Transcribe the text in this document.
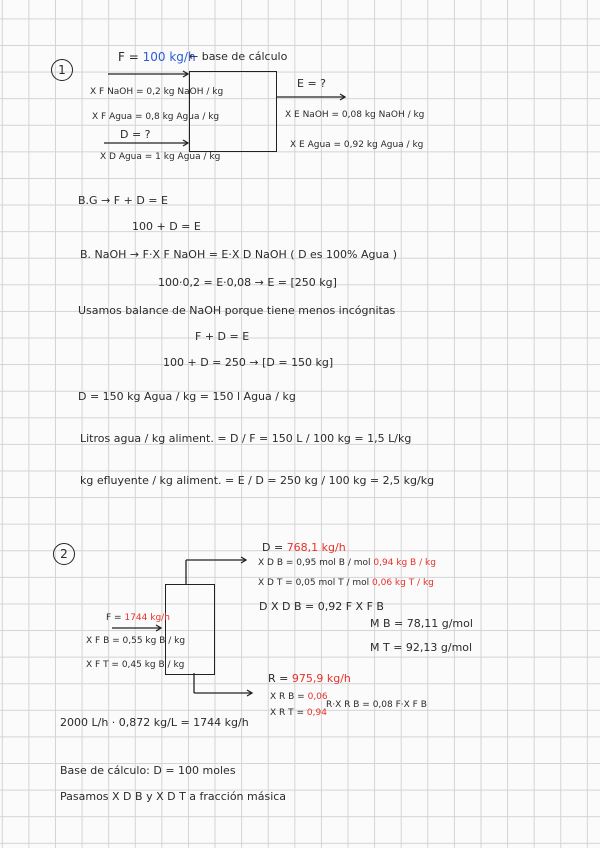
1
F = 100 kg/h
← base de cálculo
X F NaOH = 0,2 kg NaOH / kg
X F Agua = 0,8 kg Agua / kg
D = ?
X D Agua = 1 kg Agua / kg
E = ?
X E NaOH = 0,08 kg NaOH / kg
X E Agua = 0,92 kg Agua / kg
B.G → F + D = E
100 + D = E
B. NaOH → F·X F NaOH = E·X D NaOH ( D es 100% Agua )
100·0,2 = E·0,08 → E = [250 kg]
Usamos balance de NaOH porque tiene menos incógnitas
F + D = E
100 + D = 250 → [D = 150 kg]
D = 150 kg Agua / kg = 150 l Agua / kg
Litros agua / kg aliment. = D / F = 150 L / 100 kg = 1,5 L/kg
kg efluyente / kg aliment. = E / D = 250 kg / 100 kg = 2,5 kg/kg
2	D = 768,1 kg/h
X D B = 0,95 mol B / mol 0,94 kg B / kg
X D T = 0,05 mol T / mol 0,06 kg T / kg
D X D B = 0,92 F X F B
F = 1744 kg/h
X F B = 0,55 kg B / kg
X F T = 0,45 kg B / kg
M B = 78,11 g/mol
M T = 92,13 g/mol
R = 975,9 kg/h
X R B = 0,06
X R T = 0,94
R·X R B = 0,08 F·X F B
2000 L/h · 0,872 kg/L = 1744 kg/h
Base de cálculo: D = 100 moles
Pasamos X D B y X D T a fracción másica
